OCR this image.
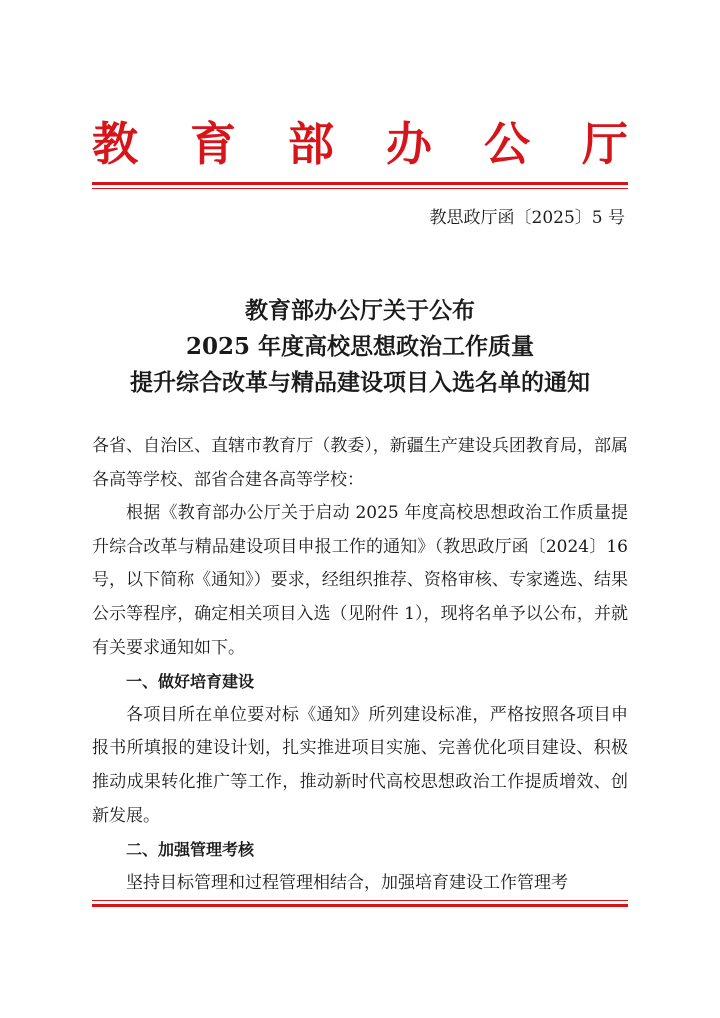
教 育 部 办 公 厅
教思政厅函〔2025〕5 号
教育部办公厅关于公布
2025 年度高校思想政治工作质量
提升综合改革与精品建设项目入选名单的通知

各省、自治区、直辖市教育厅（教委），新疆生产建设兵团教育局，部属各高等学校、部省合建各高等学校：

根据《教育部办公厅关于启动 2025 年度高校思想政治工作质量提升综合改革与精品建设项目申报工作的通知》（教思政厅函〔2024〕16 号，以下简称《通知》）要求，经组织推荐、资格审核、专家遴选、结果公示等程序，确定相关项目入选（见附件 1），现将名单予以公布，并就有关要求通知如下。

一、做好培育建设

各项目所在单位要对标《通知》所列建设标准，严格按照各项目申报书所填报的建设计划，扎实推进项目实施、完善优化项目建设、积极推动成果转化推广等工作，推动新时代高校思想政治工作提质增效、创新发展。

二、加强管理考核

坚持目标管理和过程管理相结合，加强培育建设工作管理考
